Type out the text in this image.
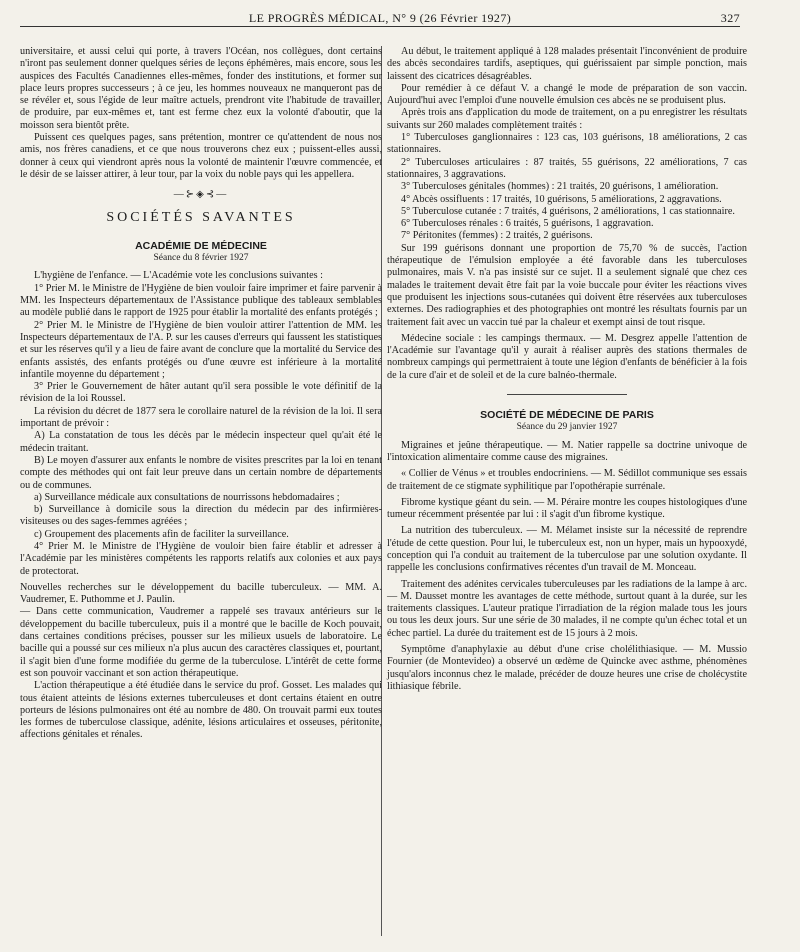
LE PROGRÈS MÉDICAL, N° 9 (26 Février 1927)	327

universitaire, et aussi celui qui porte, à travers l'Océan, nos collègues, dont certains n'iront pas seulement donner quelques séries de leçons éphémères, mais encore, sous les auspices des Facultés Canadiennes elles-mêmes, fonder des institutions, et former sur place leurs propres successeurs ; à ce jeu, les hommes nouveaux ne manqueront pas de se révéler et, sous l'égide de leur maître actuels, prendront vite l'habitude de travailler, de produire, par eux-mêmes et, tant est ferme chez eux la volonté d'aboutir, que la moisson sera bientôt prête.

Puissent ces quelques pages, sans prétention, montrer ce qu'attendent de nous nos amis, nos frères canadiens, et ce que nous trouverons chez eux ; puissent-elles aussi, donner à ceux qui viendront après nous la volonté de maintenir l'œuvre commencée, et le désir de se laisser attirer, à leur tour, par la voix du noble pays qui les appellera.

—⊱◈⊰—
SOCIÉTÉS SAVANTES
ACADÉMIE DE MÉDECINE
Séance du 8 février 1927

L'hygiène de l'enfance. — L'Académie vote les conclusions suivantes :

1° Prier M. le Ministre de l'Hygiène de bien vouloir faire imprimer et faire parvenir à MM. les Inspecteurs départementaux de l'Assistance publique des tableaux semblables au modèle publié dans le rapport de 1925 pour établir la mortalité des enfants protégés ;

2° Prier M. le Ministre de l'Hygiène de bien vouloir attirer l'attention de MM. les Inspecteurs départementaux de l'A. P. sur les causes d'erreurs qui faussent les statistiques et sur les réserves qu'il y a lieu de faire avant de conclure que la mortalité du Service des enfants assistés, des enfants protégés ou d'une œuvre est inférieure à la mortalité infantile moyenne du département ;

3° Prier le Gouvernement de hâter autant qu'il sera possible le vote définitif de la révision de la loi Roussel.

La révision du décret de 1877 sera le corollaire naturel de la révision de la loi. Il sera important de prévoir :

A) La constatation de tous les décès par le médecin inspecteur quel qu'ait été le médecin traitant.

B) Le moyen d'assurer aux enfants le nombre de visites prescrites par la loi en tenant compte des méthodes qui ont fait leur preuve dans un certain nombre de départements ou de communes.

a) Surveillance médicale aux consultations de nourrissons hebdomadaires ;

b) Surveillance à domicile sous la direction du médecin par des infirmières-visiteuses ou des sages-femmes agréées ;

c) Groupement des placements afin de faciliter la surveillance.

4° Prier M. le Ministre de l'Hygiène de vouloir bien faire établir et adresser à l'Académie par les ministères compétents les rapports relatifs aux colonies et aux pays de protectorat.

Nouvelles recherches sur le développement du bacille tuberculeux. — MM. A. Vaudremer, E. Puthomme et J. Paulin.

— Dans cette communication, Vaudremer a rappelé ses travaux antérieurs sur le développement du bacille tuberculeux, puis il a montré que le bacille de Koch pouvait, dans certaines conditions précises, pousser sur les milieux usuels de laboratoire. Le bacille qui a poussé sur ces milieux n'a plus aucun des caractères classiques et, pourtant, il s'agit bien d'une forme modifiée du germe de la tuberculose. L'intérêt de cette forme est son pouvoir vaccinant et son action thérapeutique.

L'action thérapeutique a été étudiée dans le service du prof. Gosset. Les malades qui tous étaient atteints de lésions externes tuberculeuses et dont certains étaient en outre porteurs de lésions pulmonaires ont été au nombre de 480. On trouvait parmi eux toutes les formes de tuberculose classique, adénite, lésions articulaires et osseuses, péritonite, affections génitales et rénales.

Au début, le traitement appliqué à 128 malades présentait l'inconvénient de produire des abcès secondaires tardifs, aseptiques, qui guérissaient par simple ponction, mais laissent des cicatrices désagréables.

Pour remédier à ce défaut V. a changé le mode de préparation de son vaccin. Aujourd'hui avec l'emploi d'une nouvelle émulsion ces abcès ne se produisent plus.

Après trois ans d'application du mode de traitement, on a pu enregistrer les résultats suivants sur 260 malades complètement traités :

1° Tuberculoses ganglionnaires : 123 cas, 103 guérisons, 18 améliorations, 2 cas stationnaires.

2° Tuberculoses articulaires : 87 traités, 55 guérisons, 22 améliorations, 7 cas stationnaires, 3 aggravations.

3° Tuberculoses génitales (hommes) : 21 traités, 20 guérisons, 1 amélioration.

4° Abcès ossifluents : 17 traités, 10 guérisons, 5 améliorations, 2 aggravations.

5° Tuberculose cutanée : 7 traités, 4 guérisons, 2 améliorations, 1 cas stationnaire.

6° Tuberculoses rénales : 6 traités, 5 guérisons, 1 aggravation.

7° Péritonites (femmes) : 2 traités, 2 guérisons.

Sur 199 guérisons donnant une proportion de 75,70 % de succès, l'action thérapeutique de l'émulsion employée a été favorable dans les tuberculoses pulmonaires, mais V. n'a pas insisté sur ce sujet. Il a seulement signalé que chez ces malades le traitement devait être fait par la voie buccale pour éviter les réactions vives que produisent les injections sous-cutanées qui doivent être réservées aux tuberculoses externes. Des radiographies et des photographies ont montré les résultats fournis par un traitement fait avec un vaccin tué par la chaleur et exempt ainsi de tout risque.

Médecine sociale : les campings thermaux. — M. Desgrez appelle l'attention de l'Académie sur l'avantage qu'il y aurait à réaliser auprès des stations thermales de nombreux campings qui permettraient à toute une légion d'enfants de bénéficier à la fois de la cure d'air et de soleil et de la cure balnéo-thermale.

SOCIÉTÉ DE MÉDECINE DE PARIS
Séance du 29 janvier 1927

Migraines et jeûne thérapeutique. — M. Natier rappelle sa doctrine univoque de l'intoxication alimentaire comme cause des migraines.

« Collier de Vénus » et troubles endocriniens. — M. Sédillot communique ses essais de traitement de ce stigmate syphilitique par l'opothérapie surrénale.

Fibrome kystique géant du sein. — M. Péraire montre les coupes histologiques d'une tumeur récemment présentée par lui : il s'agit d'un fibrome kystique.

La nutrition des tuberculeux. — M. Mélamet insiste sur la nécessité de reprendre l'étude de cette question. Pour lui, le tuberculeux est, non un hyper, mais un hypooxydé, conception qui l'a conduit au traitement de la tuberculose par une solution oxydante. Il rappelle les conclusions confirmatives récentes d'un travail de M. Monceau.

Traitement des adénites cervicales tuberculeuses par les radiations de la lampe à arc. — M. Dausset montre les avantages de cette méthode, surtout quant à la durée, sur les traitements classiques. L'auteur pratique l'irradiation de la région malade tous les jours ou tous les deux jours. Sur une série de 30 malades, il ne compte qu'un échec total et un échec partiel. La durée du traitement est de 15 jours à 2 mois.

Symptôme d'anaphylaxie au début d'une crise cholélithiasique. — M. Mussio Fournier (de Montevideo) a observé un œdème de Quincke avec asthme, phénomènes jusqu'alors inconnus chez le malade, précéder de douze heures une crise de cholécystite lithiasique fébrile.
